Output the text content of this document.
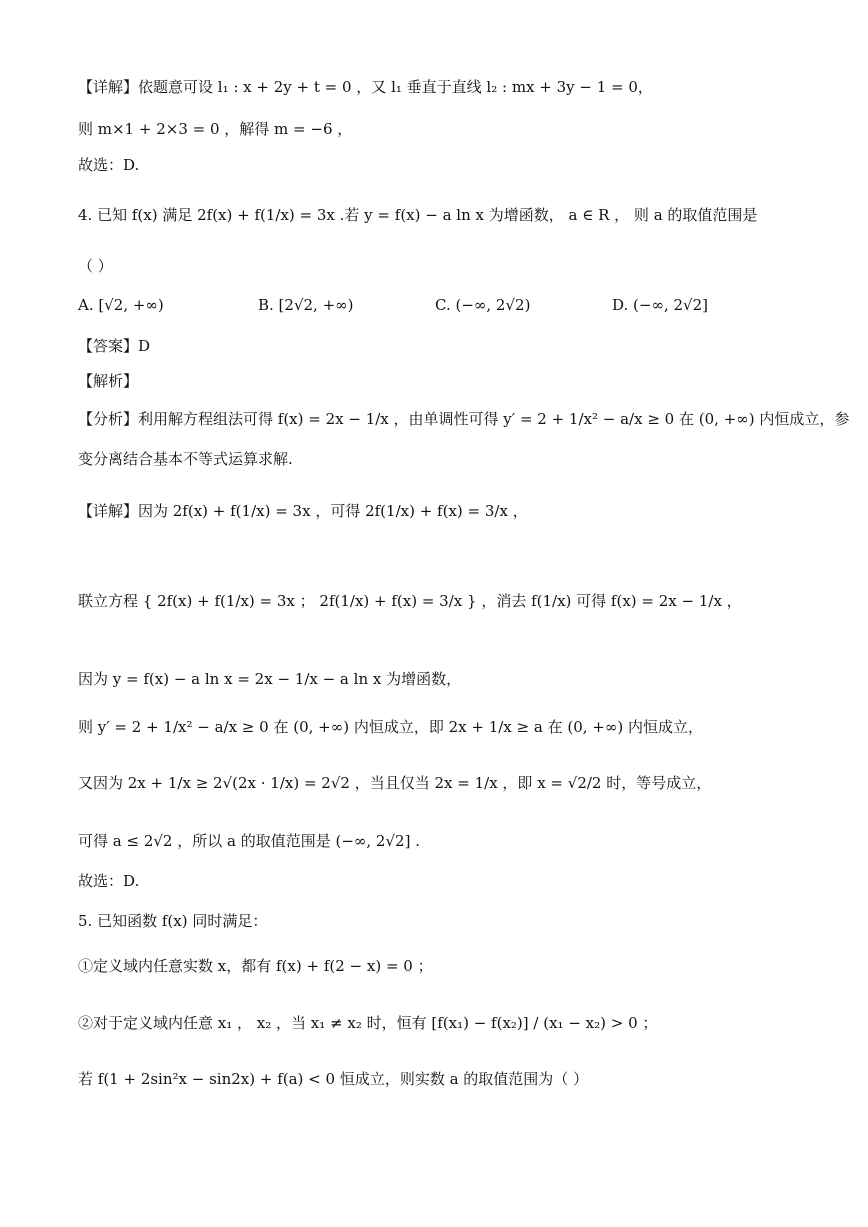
【详解】依题意可设 l₁ : x + 2y + t = 0 ，又 l₁ 垂直于直线 l₂ : mx + 3y − 1 = 0，
则 m×1 + 2×3 = 0 ，解得 m = −6 ，
故选：D.
4. 已知 f(x) 满足 2f(x) + f(1/x) = 3x .若 y = f(x) − a ln x 为增函数， a ∈ R ， 则 a 的取值范围是
（ ）
A. [√2, +∞)	B. [2√2, +∞)	C. (−∞, 2√2)	D. (−∞, 2√2]
【答案】D
【解析】
【分析】利用解方程组法可得 f(x) = 2x − 1/x ，由单调性可得 y′ = 2 + 1/x² − a/x ≥ 0 在 (0, +∞) 内恒成立，参
变分离结合基本不等式运算求解.
【详解】因为 2f(x) + f(1/x) = 3x ，可得 2f(1/x) + f(x) = 3/x ，
联立方程 { 2f(x) + f(1/x) = 3x ； 2f(1/x) + f(x) = 3/x } ，消去 f(1/x) 可得 f(x) = 2x − 1/x ，
因为 y = f(x) − a ln x = 2x − 1/x − a ln x 为增函数，
则 y′ = 2 + 1/x² − a/x ≥ 0 在 (0, +∞) 内恒成立，即 2x + 1/x ≥ a 在 (0, +∞) 内恒成立，
又因为 2x + 1/x ≥ 2√(2x · 1/x) = 2√2 ，当且仅当 2x = 1/x ，即 x = √2/2 时，等号成立，
可得 a ≤ 2√2 ，所以 a 的取值范围是 (−∞, 2√2] .
故选：D.
5. 已知函数 f(x) 同时满足：
①定义域内任意实数 x，都有 f(x) + f(2 − x) = 0 ；
②对于定义域内任意 x₁ ， x₂ ，当 x₁ ≠ x₂ 时，恒有 [f(x₁) − f(x₂)] / (x₁ − x₂) > 0 ；
若 f(1 + 2sin²x − sin2x) + f(a) < 0 恒成立，则实数 a 的取值范围为（ ）
